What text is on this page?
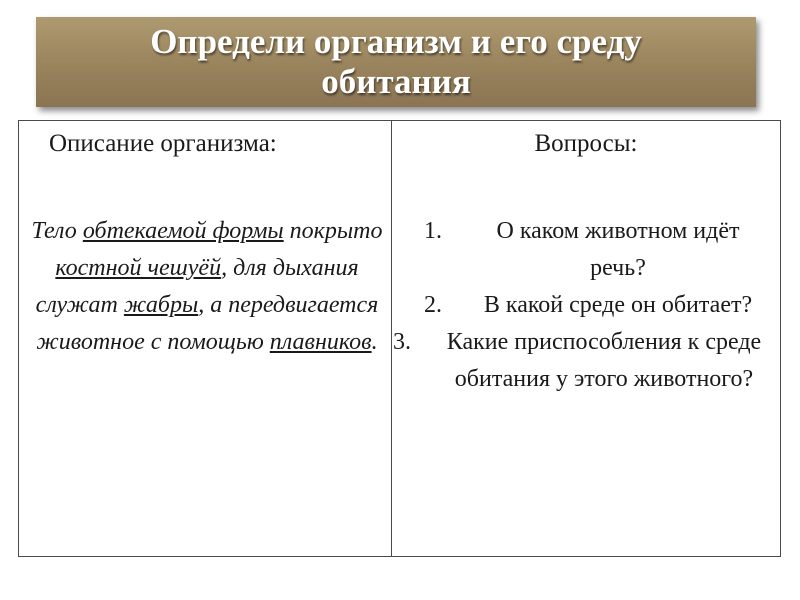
Определи организм и его среду

обитания

Описание организма:
Тело обтекаемой формы покрыто костной чешуёй, для дыхания служат жабры, а передвигается животное с помощью плавников.
Вопросы:
1. О каком животном идёт речь?
2. В какой среде он обитает?
3. Какие приспособления к среде обитания у этого животного?
